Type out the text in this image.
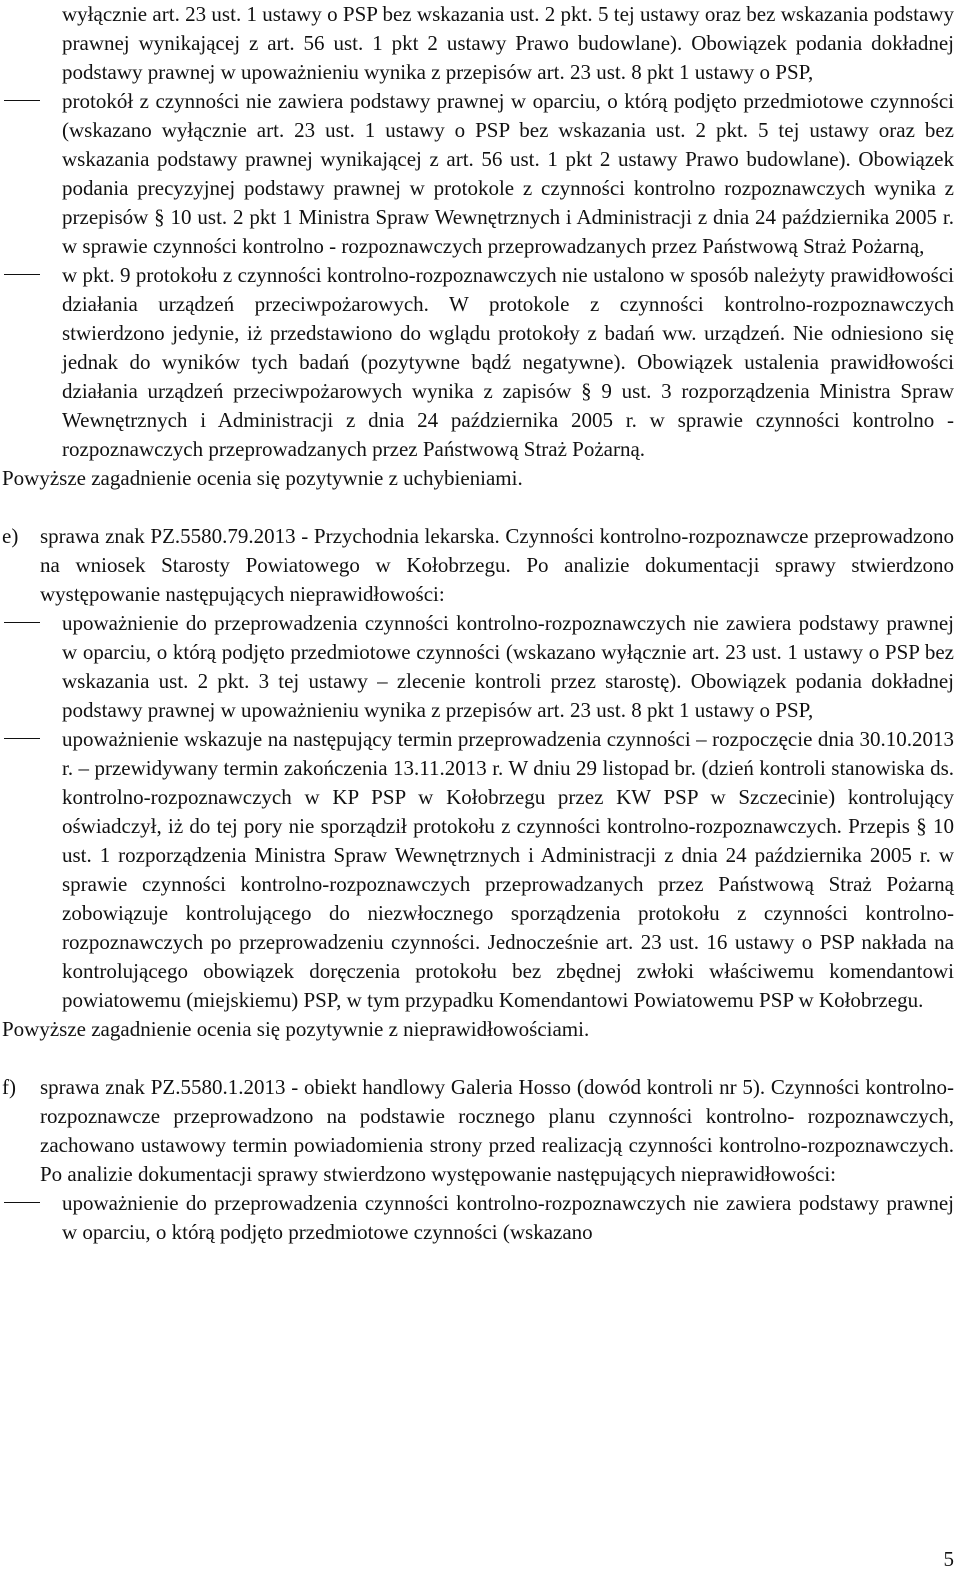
wyłącznie art. 23 ust. 1 ustawy o PSP bez wskazania ust. 2 pkt. 5 tej ustawy oraz bez wskazania podstawy prawnej wynikającej z art. 56 ust. 1 pkt 2 ustawy Prawo budowlane). Obowiązek podania dokładnej podstawy prawnej w upoważnieniu wynika z przepisów art. 23 ust. 8 pkt 1 ustawy o PSP,

protokół z czynności nie zawiera podstawy prawnej w oparciu, o którą podjęto przedmiotowe czynności (wskazano wyłącznie art. 23 ust. 1 ustawy o PSP bez wskazania ust. 2 pkt. 5 tej ustawy oraz bez wskazania podstawy prawnej wynikającej z art. 56 ust. 1 pkt 2 ustawy Prawo budowlane). Obowiązek podania precyzyjnej podstawy prawnej w protokole z czynności kontrolno rozpoznawczych wynika z przepisów § 10 ust. 2 pkt 1 Ministra Spraw Wewnętrznych i Administracji z dnia 24 października 2005 r. w sprawie czynności kontrolno - rozpoznawczych przeprowadzanych przez Państwową Straż Pożarną,

w pkt. 9 protokołu z czynności kontrolno-rozpoznawczych nie ustalono w sposób należyty prawidłowości działania urządzeń przeciwpożarowych. W protokole z czynności kontrolno-rozpoznawczych stwierdzono jedynie, iż przedstawiono do wglądu protokoły z badań ww. urządzeń. Nie odniesiono się jednak do wyników tych badań (pozytywne bądź negatywne). Obowiązek ustalenia prawidłowości działania urządzeń przeciwpożarowych wynika z zapisów § 9 ust. 3 rozporządzenia Ministra Spraw Wewnętrznych i Administracji z dnia 24 października 2005 r. w sprawie czynności kontrolno - rozpoznawczych przeprowadzanych przez Państwową Straż Pożarną.

Powyższe zagadnienie ocenia się pozytywnie z uchybieniami.

e) sprawa znak PZ.5580.79.2013 - Przychodnia lekarska. Czynności kontrolno-rozpoznawcze przeprowadzono na wniosek Starosty Powiatowego w Kołobrzegu. Po analizie dokumentacji sprawy stwierdzono występowanie następujących nieprawidłowości:

upoważnienie do przeprowadzenia czynności kontrolno-rozpoznawczych nie zawiera podstawy prawnej w oparciu, o którą podjęto przedmiotowe czynności (wskazano wyłącznie art. 23 ust. 1 ustawy o PSP bez wskazania ust. 2 pkt. 3 tej ustawy – zlecenie kontroli przez starostę). Obowiązek podania dokładnej podstawy prawnej w upoważnieniu wynika z przepisów art. 23 ust. 8 pkt 1 ustawy o PSP,

upoważnienie wskazuje na następujący termin przeprowadzenia czynności – rozpoczęcie dnia 30.10.2013 r. – przewidywany termin zakończenia 13.11.2013 r. W dniu 29 listopad br. (dzień kontroli stanowiska ds. kontrolno-rozpoznawczych w KP PSP w Kołobrzegu przez KW PSP w Szczecinie) kontrolujący oświadczył, iż do tej pory nie sporządził protokołu z czynności kontrolno-rozpoznawczych. Przepis § 10 ust. 1 rozporządzenia Ministra Spraw Wewnętrznych i Administracji z dnia 24 października 2005 r. w sprawie czynności kontrolno-rozpoznawczych przeprowadzanych przez Państwową Straż Pożarną zobowiązuje kontrolującego do niezwłocznego sporządzenia protokołu z czynności kontrolno-rozpoznawczych po przeprowadzeniu czynności. Jednocześnie art. 23 ust. 16 ustawy o PSP nakłada na kontrolującego obowiązek doręczenia protokołu bez zbędnej zwłoki właściwemu komendantowi powiatowemu (miejskiemu) PSP, w tym przypadku Komendantowi Powiatowemu PSP w Kołobrzegu.

Powyższe zagadnienie ocenia się pozytywnie z nieprawidłowościami.

f) sprawa znak PZ.5580.1.2013 - obiekt handlowy Galeria Hosso (dowód kontroli nr 5). Czynności kontrolno-rozpoznawcze przeprowadzono na podstawie rocznego planu czynności kontrolno- rozpoznawczych, zachowano ustawowy termin powiadomienia strony przed realizacją czynności kontrolno-rozpoznawczych. Po analizie dokumentacji sprawy stwierdzono występowanie następujących nieprawidłowości:

upoważnienie do przeprowadzenia czynności kontrolno-rozpoznawczych nie zawiera podstawy prawnej w oparciu, o którą podjęto przedmiotowe czynności (wskazano

5
